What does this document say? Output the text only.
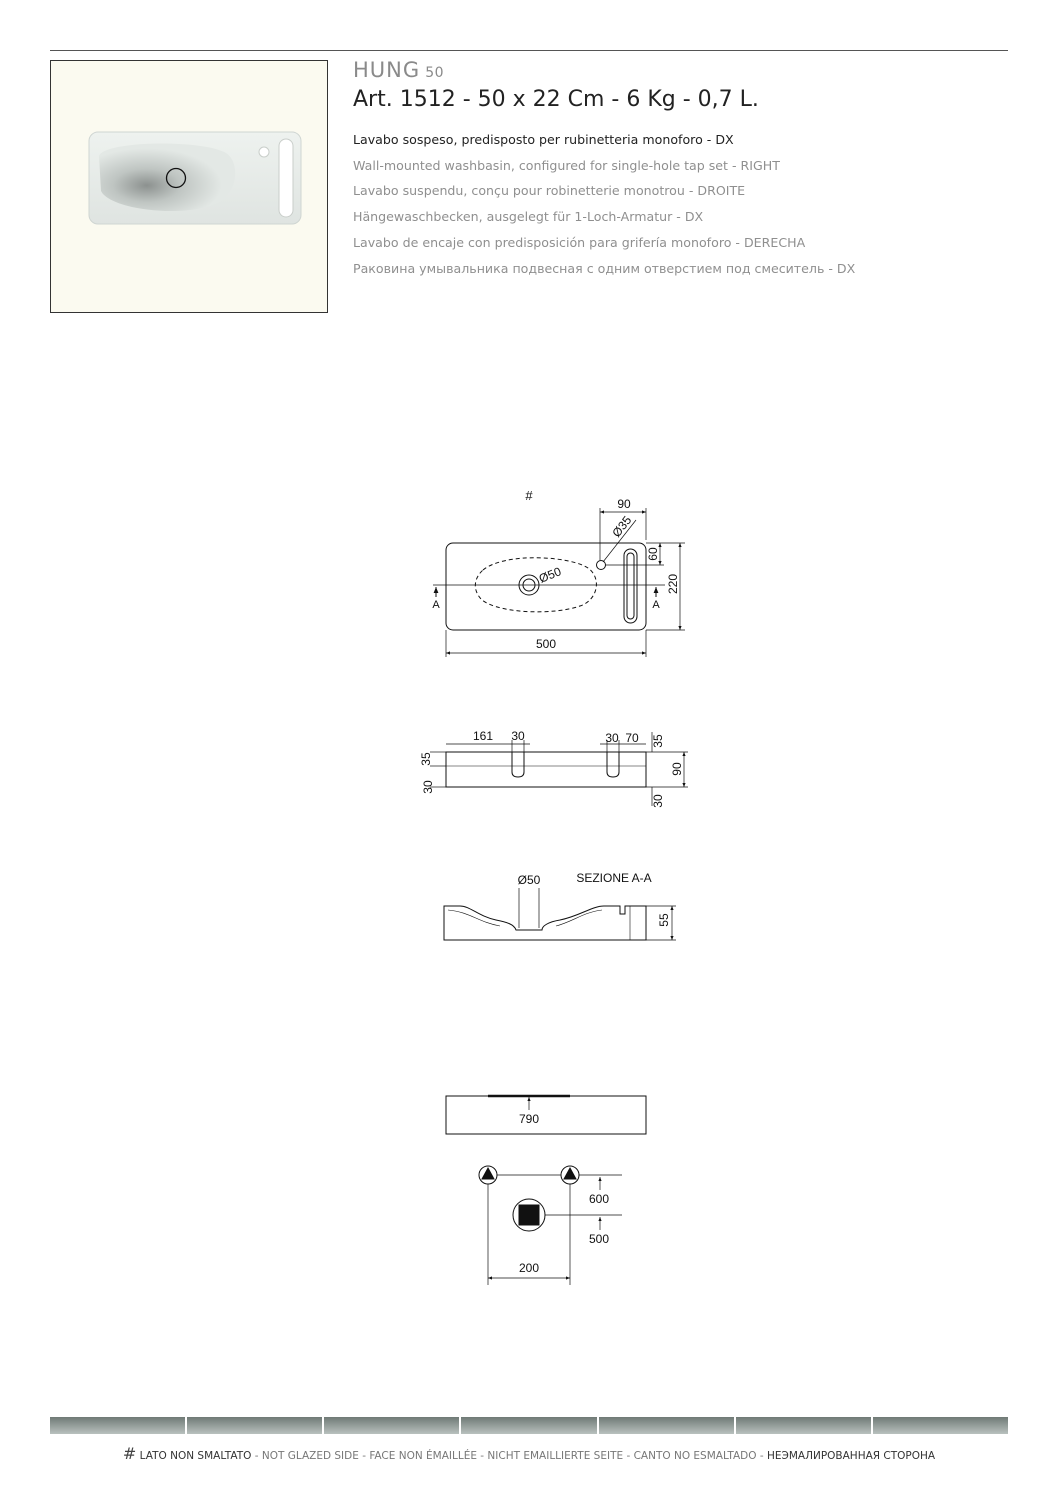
HUNG 50
Art. 1512 - 50 x 22 Cm - 6 Kg - 0,7 L.
Lavabo sospeso, predisposto per rubinetteria monoforo - DX
Wall-mounted washbasin, configured for single-hole tap set - RIGHT
Lavabo suspendu, conçu pour robinetterie monotrou - DROITE
Hängewaschbecken, ausgelegt für 1-Loch-Armatur - DX
Lavabo de encaje con predisposición para grifería monoforo - DERECHA
Раковина умывальника подвесная с одним отверстием под смеситель - DX
#
A	A
90
Ø35
Ø50
60
220
500
161 30	30 70 35
35
30
90
30
Ø50	SEZIONE A-A
55
790
600
500
200
# LATO NON SMALTATO - NOT GLAZED SIDE - FACE NON ÉMAILLÉE - NICHT EMAILLIERTE SEITE - CANTO NO ESMALTADO - НЕЭМАЛИРОВАННАЯ СТОРОНА
